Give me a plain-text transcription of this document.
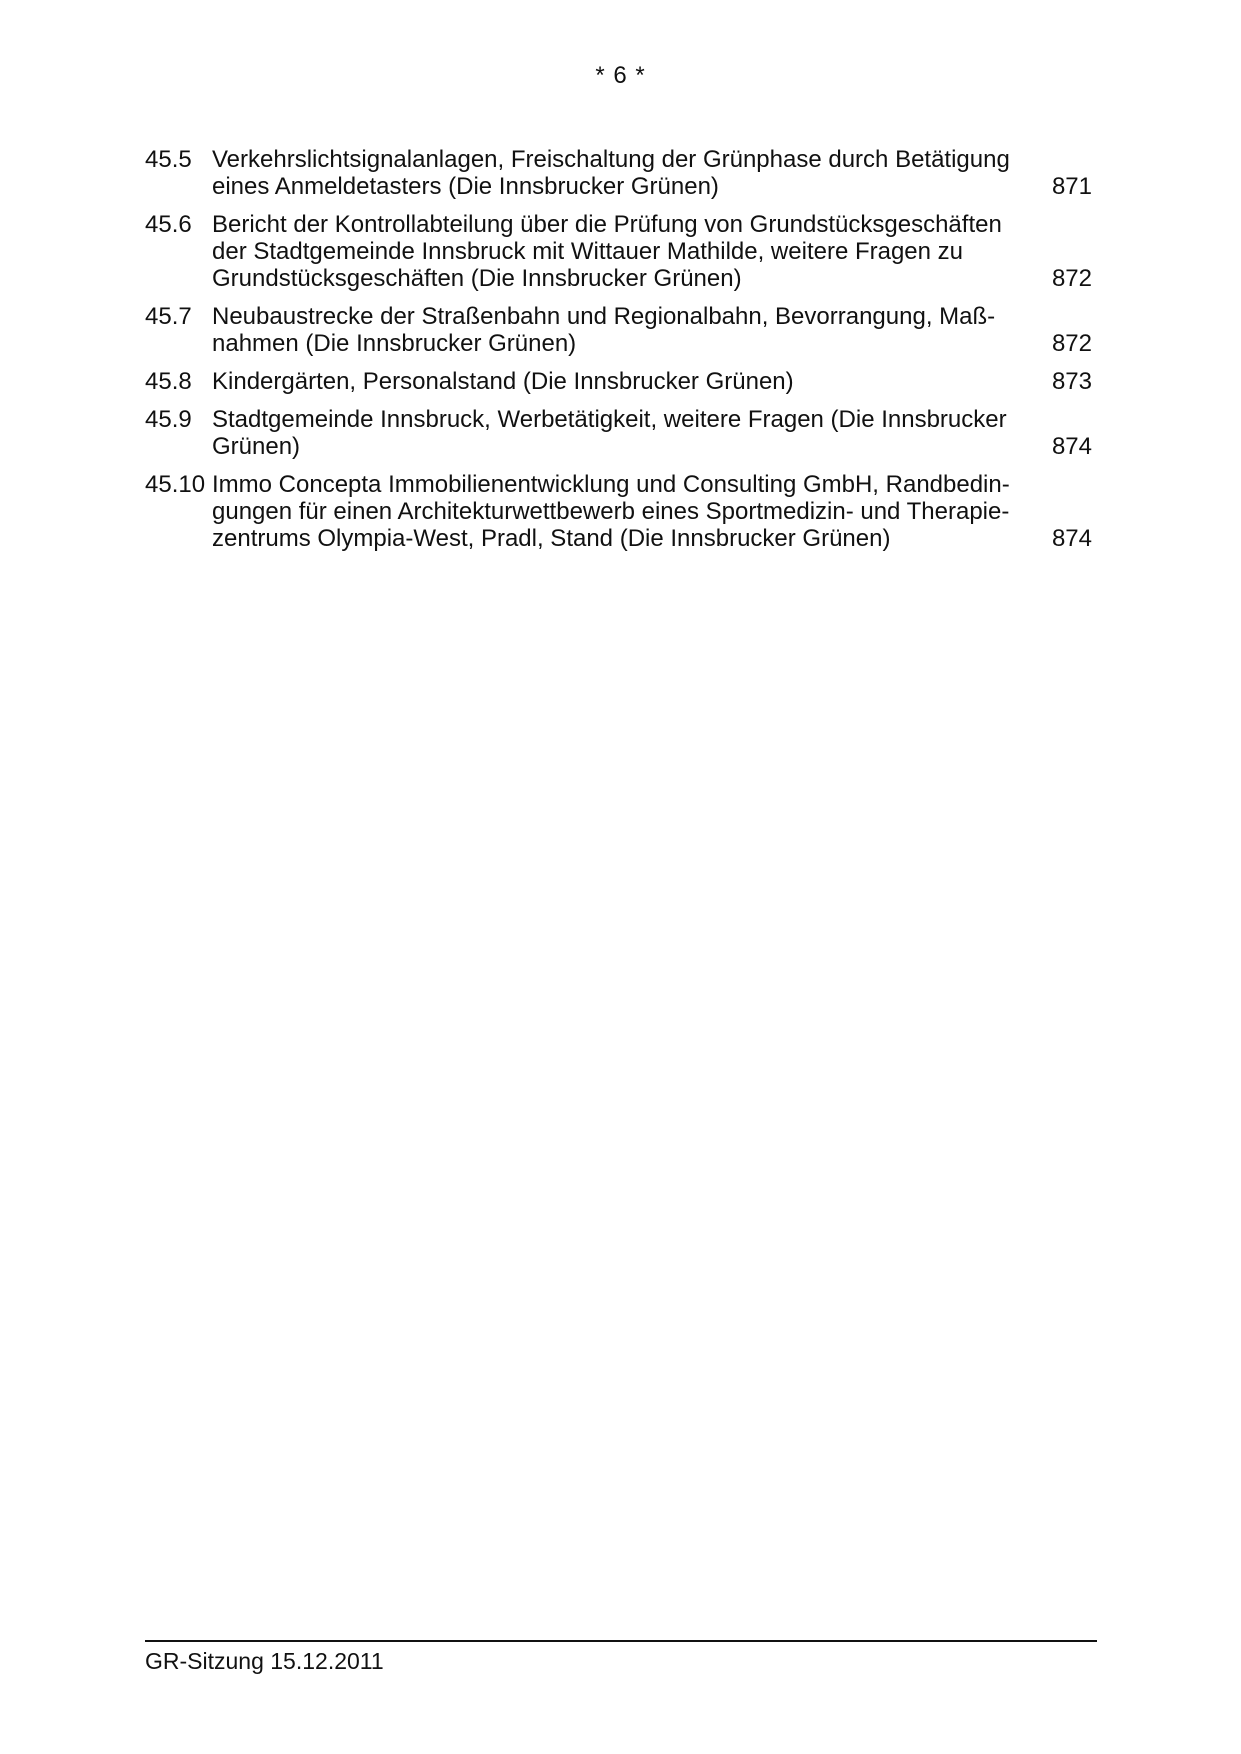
* 6 *
45.5 Verkehrslichtsignalanlagen, Freischaltung der Grünphase durch Betätigung
eines Anmeldetasters (Die Innsbrucker Grünen)	871
45.6 Bericht der Kontrollabteilung über die Prüfung von Grundstücksgeschäften
der Stadtgemeinde Innsbruck mit Wittauer Mathilde, weitere Fragen zu
Grundstücksgeschäften (Die Innsbrucker Grünen)	872
45.7 Neubaustrecke der Straßenbahn und Regionalbahn, Bevorrangung, Maß-
nahmen (Die Innsbrucker Grünen)	872
45.8 Kindergärten, Personalstand (Die Innsbrucker Grünen)	873
45.9 Stadtgemeinde Innsbruck, Werbetätigkeit, weitere Fragen (Die Innsbrucker
Grünen)	874
45.10 Immo Concepta Immobilienentwicklung und Consulting GmbH, Randbedin-
gungen für einen Architekturwettbewerb eines Sportmedizin- und Therapie-
zentrums Olympia-West, Pradl, Stand (Die Innsbrucker Grünen)	874
GR-Sitzung 15.12.2011
